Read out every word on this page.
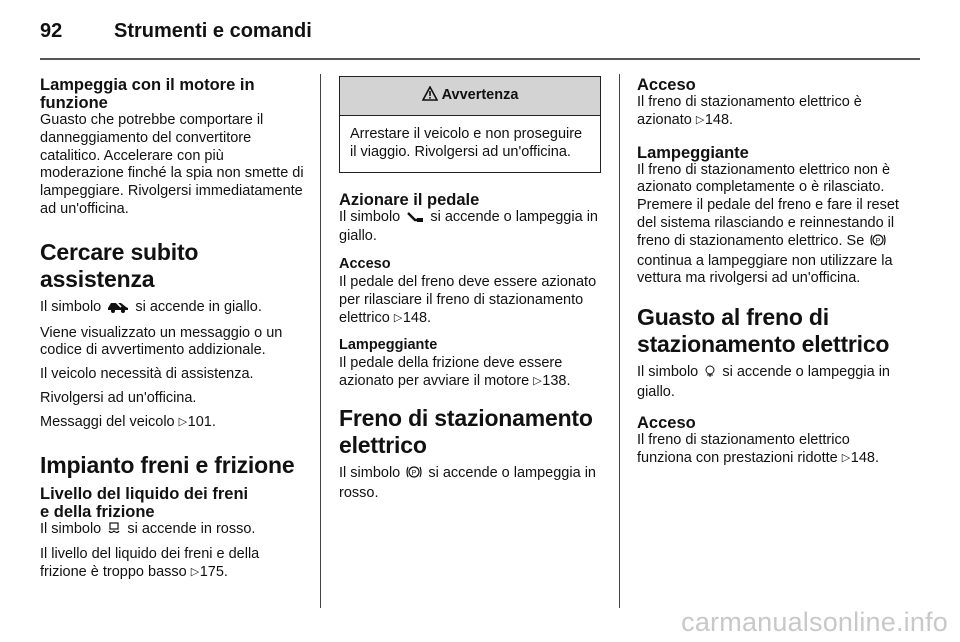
92	Strumenti e comandi
Lampeggia con il motore in
funzione

Guasto che potrebbe comportare il danneggiamento del convertitore catalitico. Accelerare con più moderazione finché la spia non smette di lampeggiare. Rivolgersi immediatamente ad un'officina.

Cercare subito assistenza

Il simbolo si accende in giallo.

Viene visualizzato un messaggio o un codice di avvertimento addizionale.

Il veicolo necessità di assistenza.

Rivolgersi ad un'officina.

Messaggi del veicolo ▷101.

Impianto freni e frizione
Livello del liquido dei freni
e della frizione

Il simbolo si accende in rosso.

Il livello del liquido dei freni e della frizione è troppo basso ▷175.

Avvertenza
Arrestare il veicolo e non proseguire il viaggio. Rivolgersi ad un'officina.
Azionare il pedale

Il simbolo si accende o lampeggia in giallo.

Acceso

Il pedale del freno deve essere azionato per rilasciare il freno di stazionamento elettrico ▷148.

Lampeggiante

Il pedale della frizione deve essere azionato per avviare il motore ▷138.

Freno di stazionamento
elettrico

Il simbolo P si accende o lampeggia in rosso.

Acceso

Il freno di stazionamento elettrico è azionato ▷148.

Lampeggiante

Il freno di stazionamento elettrico non è azionato completamente o è rilasciato. Premere il pedale del freno e fare il reset del sistema rilasciando e reinnestando il freno di stazionamento elettrico. Se P
continua a lampeggiare non utilizzare la vettura ma rivolgersi ad un'officina.

Guasto al freno di
stazionamento elettrico

Il simbolo si accende o lampeggia in giallo.

Acceso

Il freno di stazionamento elettrico funziona con prestazioni ridotte ▷148.

carmanualsonline.info
